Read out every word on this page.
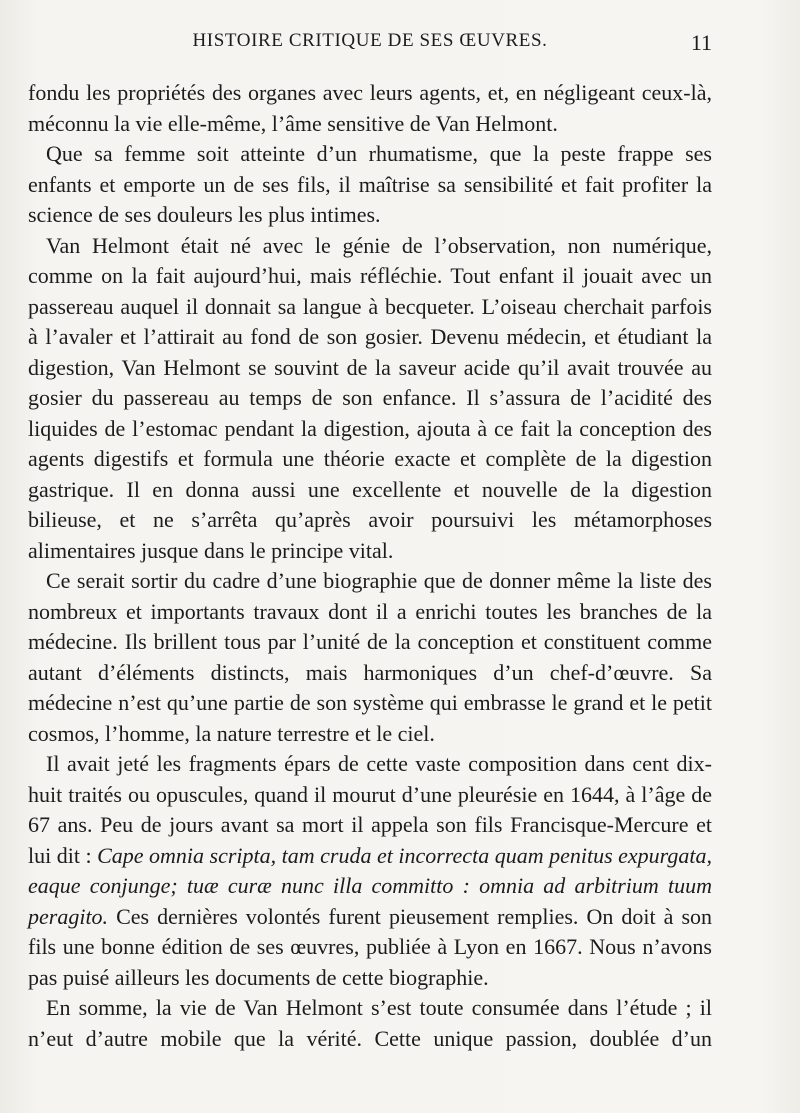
HISTOIRE CRITIQUE DE SES ŒUVRES.	11

fondu les propriétés des organes avec leurs agents, et, en négligeant ceux-là, méconnu la vie elle-même, l’âme sensitive de Van Helmont.

Que sa femme soit atteinte d’un rhumatisme, que la peste frappe ses enfants et emporte un de ses fils, il maîtrise sa sensibilité et fait profiter la science de ses douleurs les plus intimes.

Van Helmont était né avec le génie de l’observation, non numérique, comme on la fait aujourd’hui, mais réfléchie. Tout enfant il jouait avec un passereau auquel il donnait sa langue à becqueter. L’oiseau cherchait parfois à l’avaler et l’attirait au fond de son gosier. Devenu médecin, et étudiant la digestion, Van Helmont se souvint de la saveur acide qu’il avait trouvée au gosier du passereau au temps de son enfance. Il s’assura de l’acidité des liquides de l’estomac pendant la digestion, ajouta à ce fait la conception des agents digestifs et formula une théorie exacte et complète de la digestion gastrique. Il en donna aussi une excellente et nouvelle de la digestion bilieuse, et ne s’arrêta qu’après avoir poursuivi les métamorphoses alimentaires jusque dans le principe vital.

Ce serait sortir du cadre d’une biographie que de donner même la liste des nombreux et importants travaux dont il a enrichi toutes les branches de la médecine. Ils brillent tous par l’unité de la conception et constituent comme autant d’éléments distincts, mais harmoniques d’un chef-d’œuvre. Sa médecine n’est qu’une partie de son système qui embrasse le grand et le petit cosmos, l’homme, la nature terrestre et le ciel.

Il avait jeté les fragments épars de cette vaste composition dans cent dix-huit traités ou opuscules, quand il mourut d’une pleurésie en 1644, à l’âge de 67 ans. Peu de jours avant sa mort il appela son fils Francisque-Mercure et lui dit : Cape omnia scripta, tam cruda et incorrecta quam penitus expurgata, eaque conjunge; tuæ curæ nunc illa committo : omnia ad arbitrium tuum peragito. Ces dernières volontés furent pieusement remplies. On doit à son fils une bonne édition de ses œuvres, publiée à Lyon en 1667. Nous n’avons pas puisé ailleurs les documents de cette biographie.

En somme, la vie de Van Helmont s’est toute consumée dans l’étude ; il n’eut d’autre mobile que la vérité. Cette unique passion, doublée d’un
